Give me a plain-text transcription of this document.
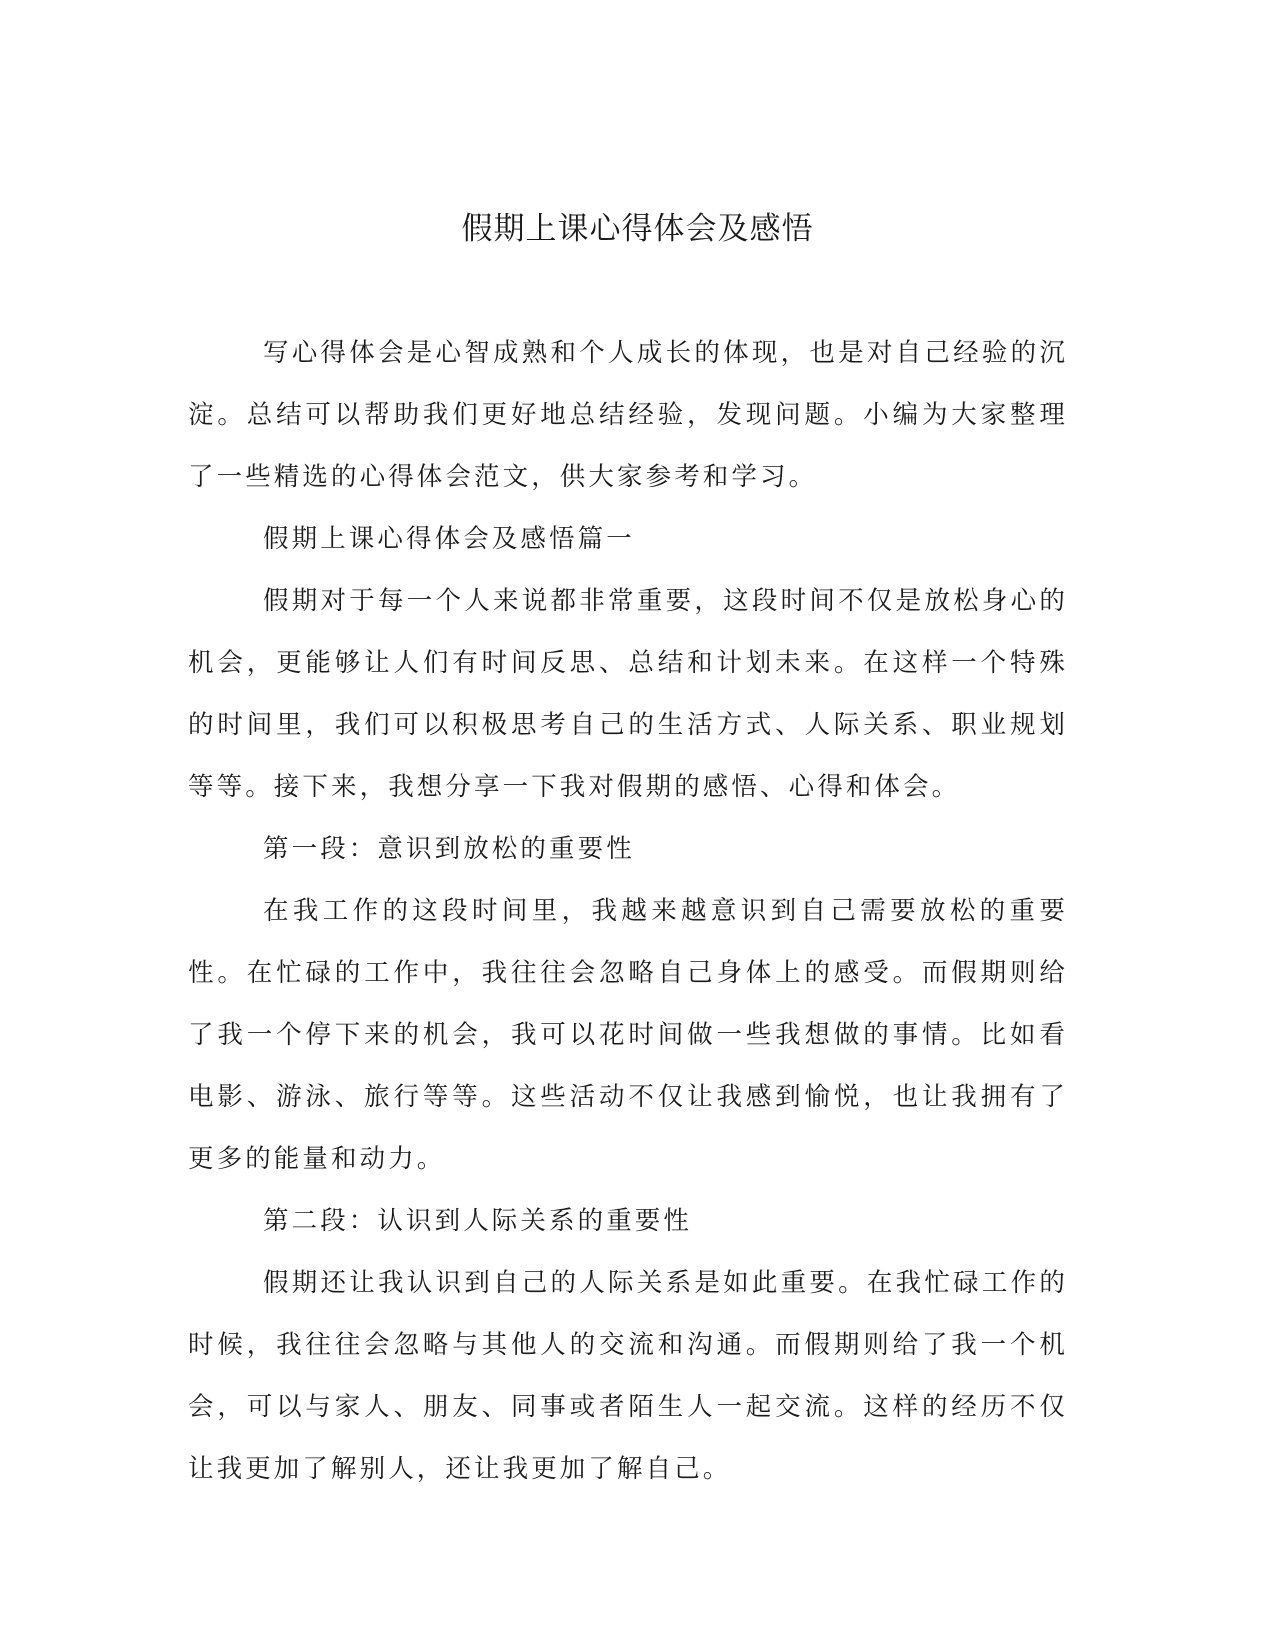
假期上课心得体会及感悟

写心得体会是心智成熟和个人成长的体现，也是对自己经验的沉淀。总结可以帮助我们更好地总结经验，发现问题。小编为大家整理了一些精选的心得体会范文，供大家参考和学习。

假期上课心得体会及感悟篇一

假期对于每一个人来说都非常重要，这段时间不仅是放松身心的机会，更能够让人们有时间反思、总结和计划未来。在这样一个特殊的时间里，我们可以积极思考自己的生活方式、人际关系、职业规划等等。接下来，我想分享一下我对假期的感悟、心得和体会。

第一段：意识到放松的重要性

在我工作的这段时间里，我越来越意识到自己需要放松的重要性。在忙碌的工作中，我往往会忽略自己身体上的感受。而假期则给了我一个停下来的机会，我可以花时间做一些我想做的事情。比如看电影、游泳、旅行等等。这些活动不仅让我感到愉悦，也让我拥有了更多的能量和动力。

第二段：认识到人际关系的重要性

假期还让我认识到自己的人际关系是如此重要。在我忙碌工作的时候，我往往会忽略与其他人的交流和沟通。而假期则给了我一个机会，可以与家人、朋友、同事或者陌生人一起交流。这样的经历不仅让我更加了解别人，还让我更加了解自己。
